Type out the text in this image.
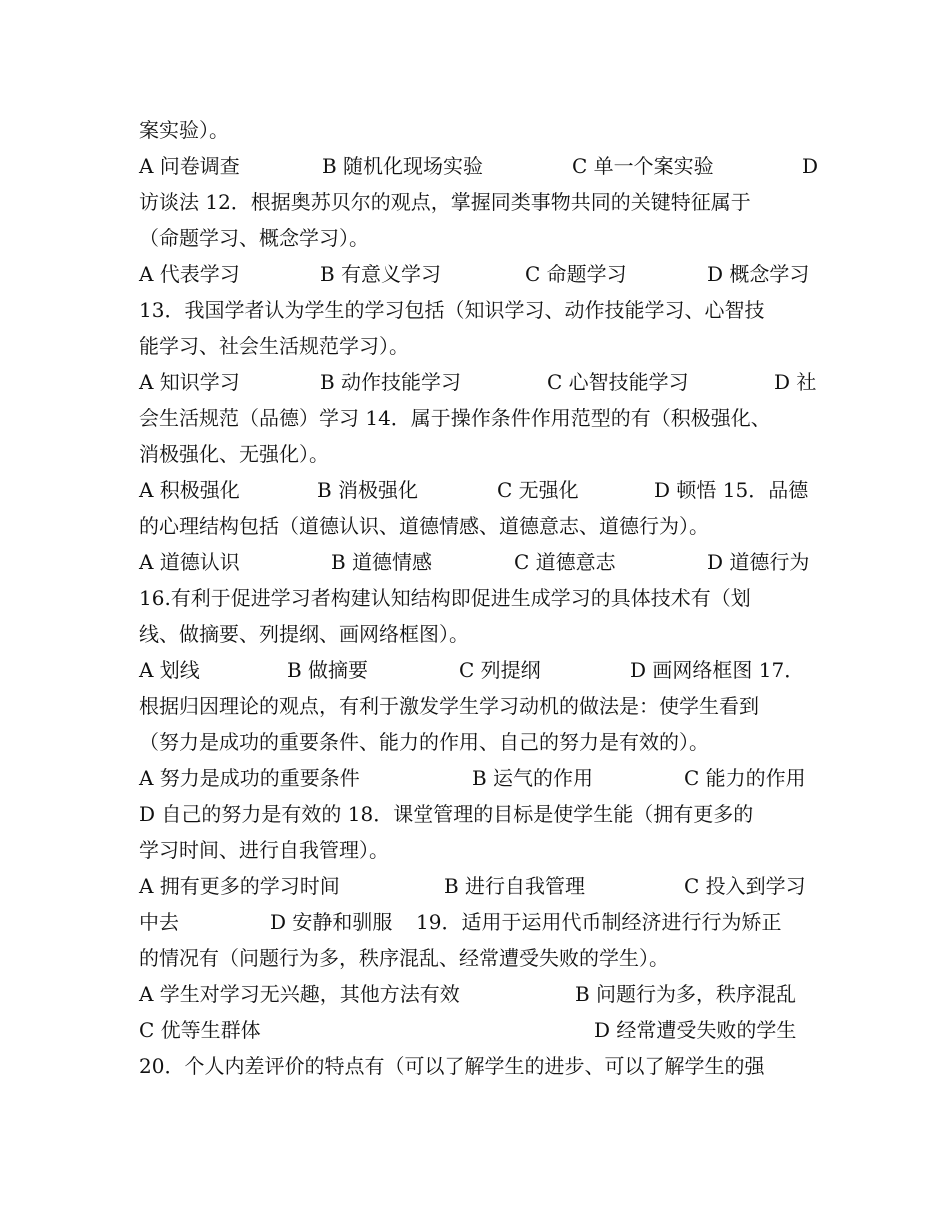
案实验）。
A 问卷调查	B 随机化现场实验	C 单一个案实验	D
访谈法 12．根据奥苏贝尔的观点，掌握同类事物共同的关键特征属于
（命题学习、概念学习）。
A 代表学习	B 有意义学习	C 命题学习	D 概念学习
13．我国学者认为学生的学习包括（知识学习、动作技能学习、心智技
能学习、社会生活规范学习）。
A 知识学习	B 动作技能学习	C 心智技能学习	D 社
会生活规范（品德）学习 14．属于操作条件作用范型的有（积极强化、
消极强化、无强化）。
A 积极强化	B 消极强化	C 无强化	D 顿悟 15．品德
的心理结构包括（道德认识、道德情感、道德意志、道德行为）。
A 道德认识	B 道德情感	C 道德意志	D 道德行为
16.有利于促进学习者构建认知结构即促进生成学习的具体技术有（划
线、做摘要、列提纲、画网络框图）。
A 划线	B 做摘要	C 列提纲	D 画网络框图 17．
根据归因理论的观点，有利于激发学生学习动机的做法是：使学生看到
（努力是成功的重要条件、能力的作用、自己的努力是有效的）。
A 努力是成功的重要条件	B 运气的作用	C 能力的作用
D 自己的努力是有效的 18．课堂管理的目标是使学生能（拥有更多的
学习时间、进行自我管理）。
A 拥有更多的学习时间	B 进行自我管理	C 投入到学习
中去	D 安静和驯服 19．适用于运用代币制经济进行行为矫正
的情况有（问题行为多，秩序混乱、经常遭受失败的学生）。
A 学生对学习无兴趣，其他方法有效	B 问题行为多，秩序混乱
C 优等生群体	D 经常遭受失败的学生
20．个人内差评价的特点有（可以了解学生的进步、可以了解学生的强
